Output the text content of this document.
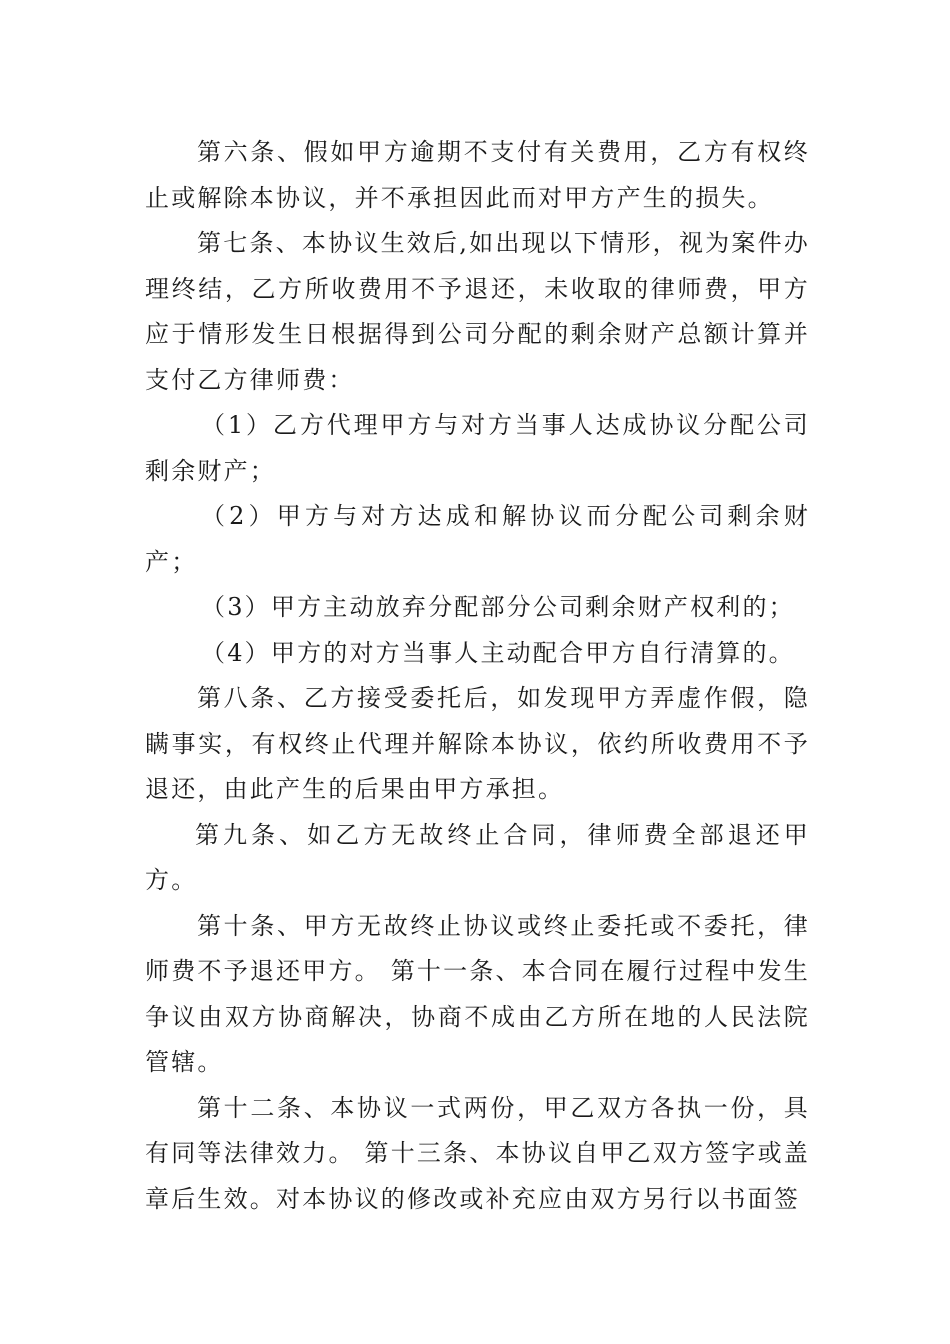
第六条、假如甲方逾期不支付有关费用，乙方有权终止或解除本协议，并不承担因此而对甲方产生的损失。

第七条、本协议生效后,如出现以下情形，视为案件办理终结，乙方所收费用不予退还，未收取的律师费，甲方应于情形发生日根据得到公司分配的剩余财产总额计算并支付乙方律师费：

（1）乙方代理甲方与对方当事人达成协议分配公司剩余财产；

（2）甲方与对方达成和解协议而分配公司剩余财产；

（3）甲方主动放弃分配部分公司剩余财产权利的；

（4）甲方的对方当事人主动配合甲方自行清算的。

第八条、乙方接受委托后，如发现甲方弄虚作假，隐瞒事实，有权终止代理并解除本协议，依约所收费用不予退还，由此产生的后果由甲方承担。

第九条、如乙方无故终止合同，律师费全部退还甲方。

第十条、甲方无故终止协议或终止委托或不委托，律师费不予退还甲方。 第十一条、本合同在履行过程中发生争议由双方协商解决，协商不成由乙方所在地的人民法院管辖。

第十二条、本协议一式两份，甲乙双方各执一份，具有同等法律效力。 第十三条、本协议自甲乙双方签字或盖章后生效。对本协议的修改或补充应由双方另行以书面签
